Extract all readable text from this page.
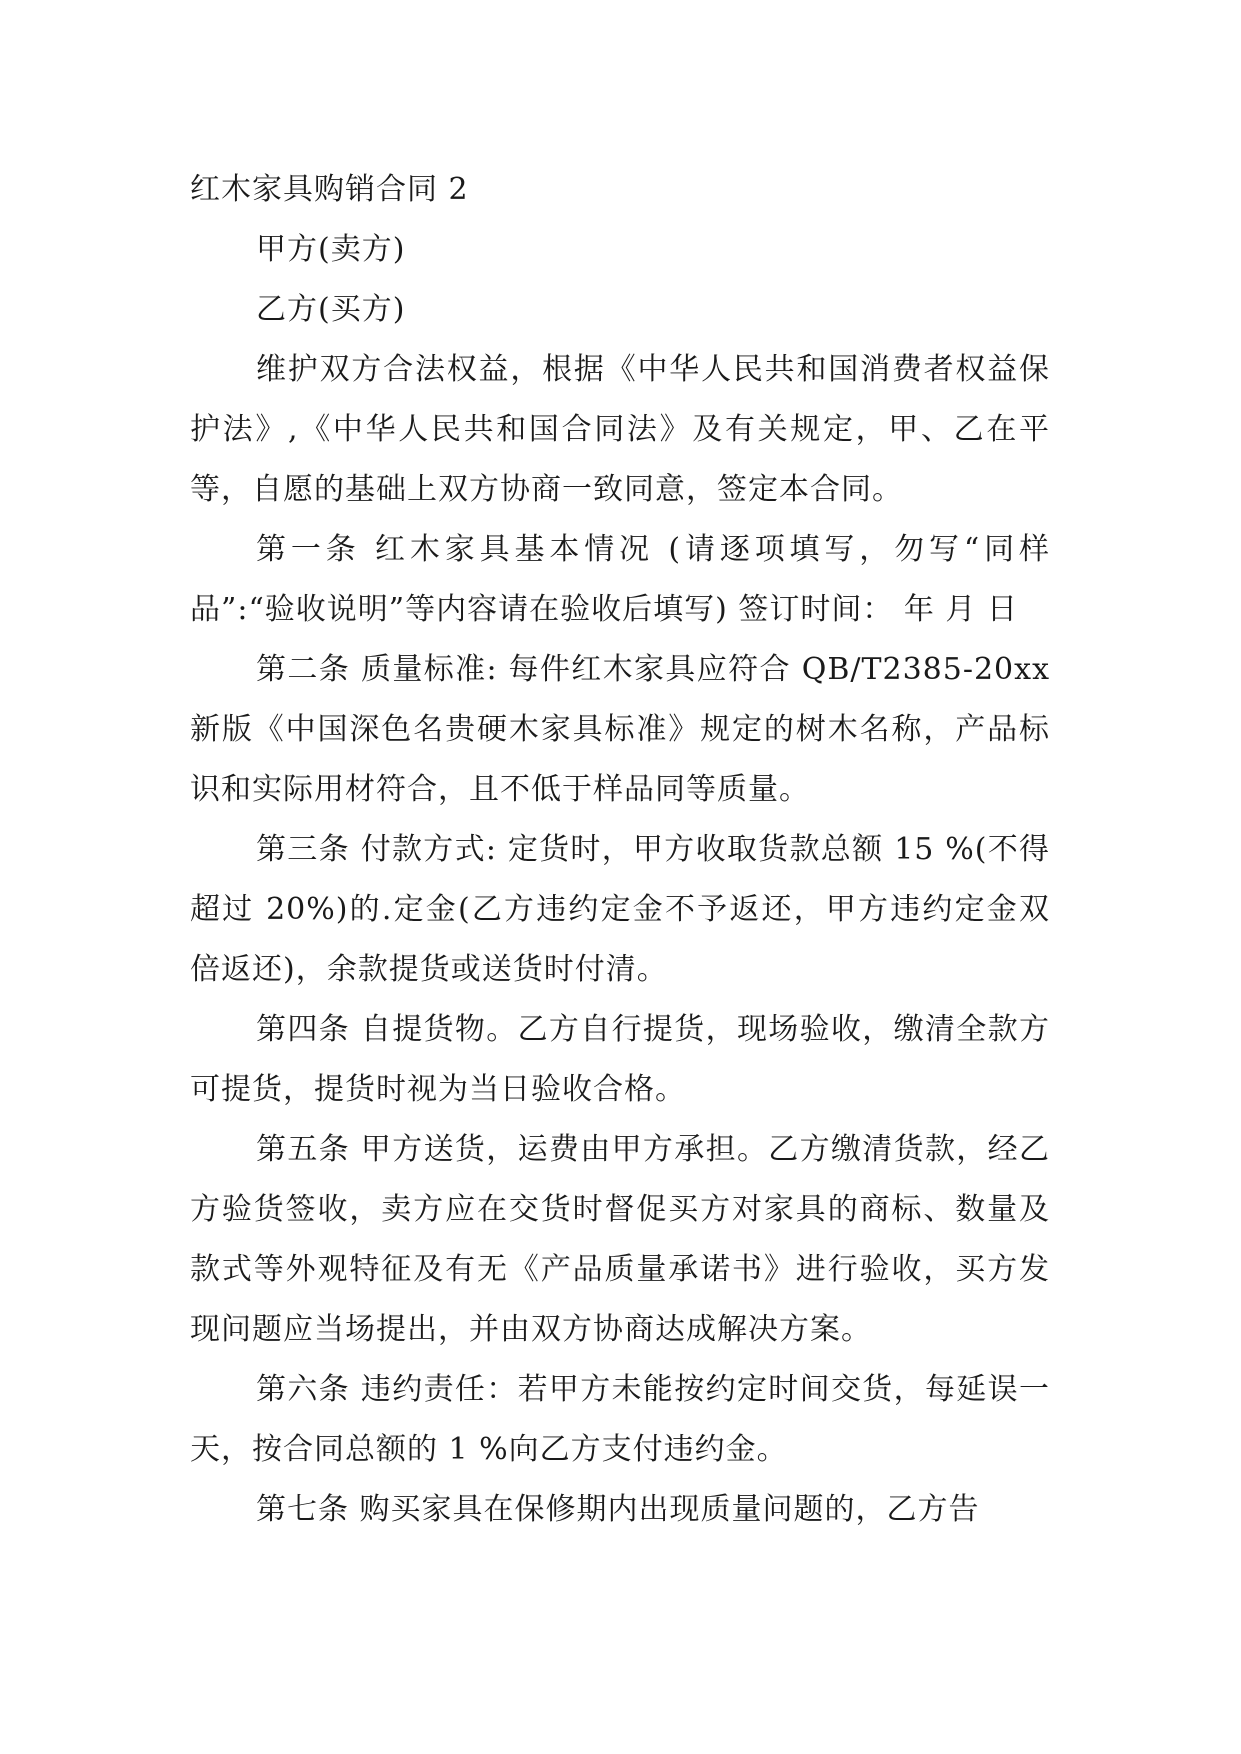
红木家具购销合同 2

甲方(卖方)

乙方(买方)

维护双方合法权益，根据《中华人民共和国消费者权益保护法》,《中华人民共和国合同法》及有关规定，甲、乙在平等，自愿的基础上双方协商一致同意，签定本合同。

第一条 红木家具基本情况 (请逐项填写，勿写“同样品”:“验收说明”等内容请在验收后填写) 签订时间： 年 月 日

第二条 质量标准: 每件红木家具应符合 QB/T2385-20xx 新版《中国深色名贵硬木家具标准》规定的树木名称，产品标识和实际用材符合，且不低于样品同等质量。

第三条 付款方式: 定货时，甲方收取货款总额 15 %(不得超过 20%)的.定金(乙方违约定金不予返还，甲方违约定金双倍返还)，余款提货或送货时付清。

第四条 自提货物。乙方自行提货，现场验收，缴清全款方可提货，提货时视为当日验收合格。

第五条 甲方送货，运费由甲方承担。乙方缴清货款，经乙方验货签收，卖方应在交货时督促买方对家具的商标、数量及款式等外观特征及有无《产品质量承诺书》进行验收，买方发现问题应当场提出，并由双方协商达成解决方案。

第六条 违约责任：若甲方未能按约定时间交货，每延误一天，按合同总额的 1 %向乙方支付违约金。

第七条 购买家具在保修期内出现质量问题的，乙方告
